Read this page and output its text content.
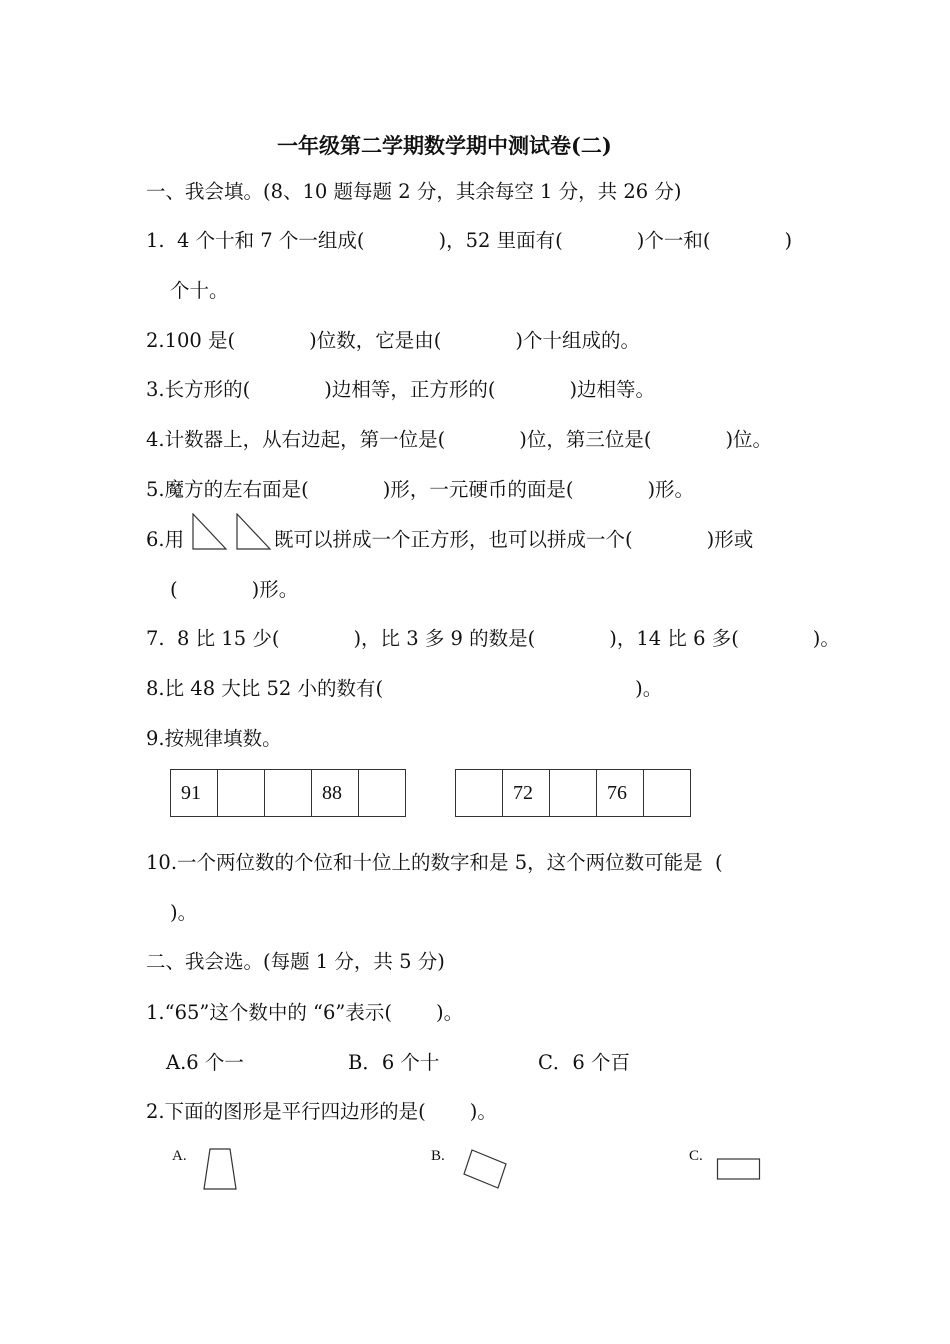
一年级第二学期数学期中测试卷(二)
一、我会填。(8、10 题每题 2 分，其余每空 1 分，共 26 分)
1.  4 个十和 7 个一组成(	)，52 里面有(	)个一和(	)
个十。
2.100 是(	)位数，它是由(	)个十组成的。
3.长方形的(	)边相等，正方形的(	)边相等。
4.计数器上，从右边起，第一位是(	)位，第三位是(	)位。
5.魔方的左右面是(	)形，一元硬币的面是(	)形。
6.用	既可以拼成一个正方形，也可以拼成一个(	)形或
(	)形。
7.  8 比 15 少(	)，比 3 多 9 的数是(	)，14 比 6 多(	)。
8.比 48 大比 52 小的数有(	)。
9.按规律填数。
91			88	
		72		76	
10.一个两位数的个位和十位上的数字和是 5，这个两位数可能是  (
)。
二、我会选。(每题 1 分，共 5 分)
1.“65”这个数中的 “6”表示( )。
A.6 个一	B．6 个十	C．6 个百
2.下面的图形是平行四边形的是( )。
A.	B.	C.
